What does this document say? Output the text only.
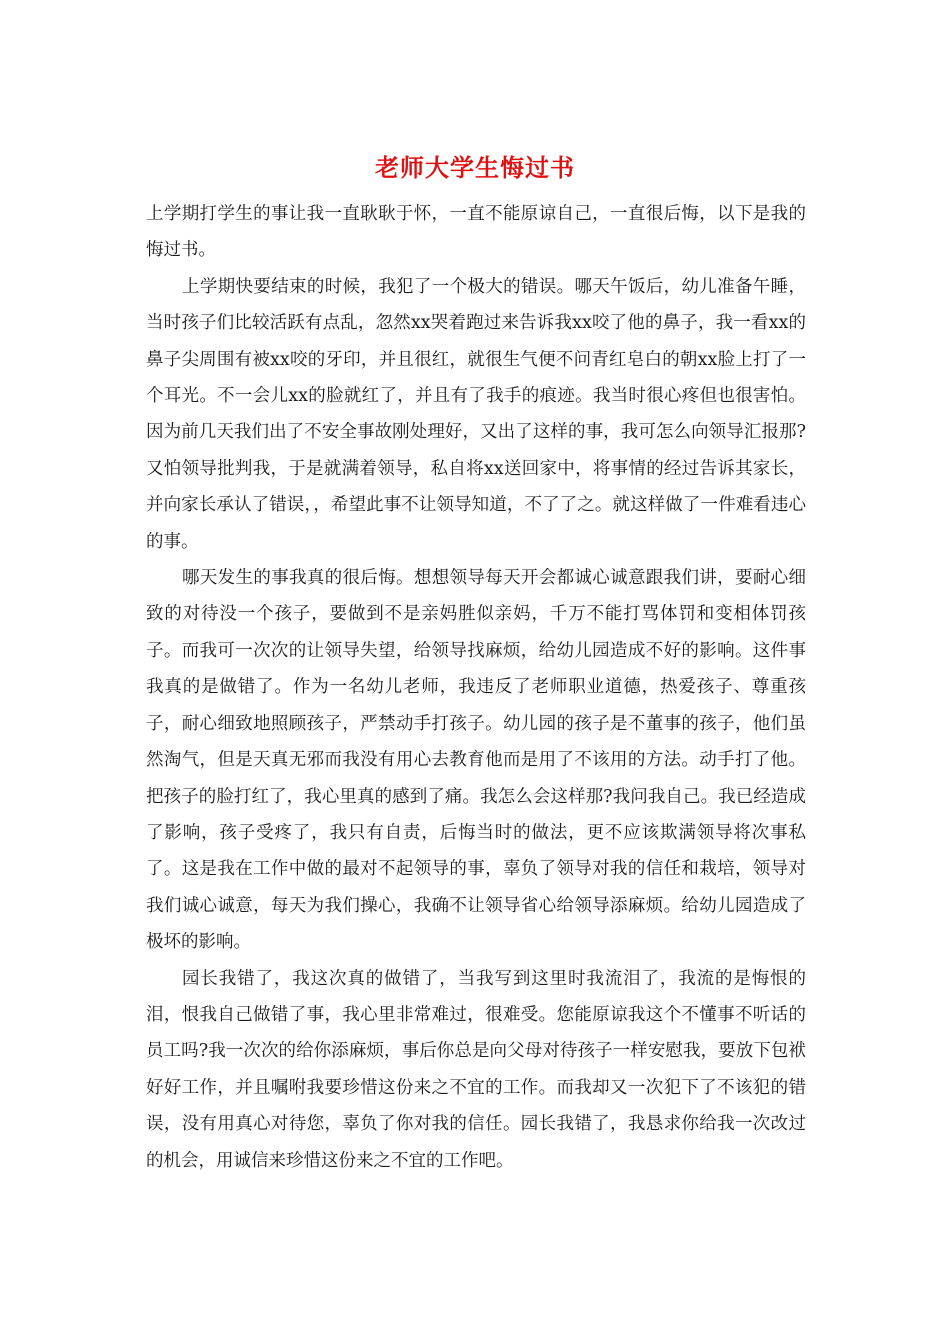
老师大学生悔过书

上学期打学生的事让我一直耿耿于怀，一直不能原谅自己，一直很后悔，以下是我的悔过书。

上学期快要结束的时候，我犯了一个极大的错误。哪天午饭后，幼儿准备午睡，当时孩子们比较活跃有点乱，忽然xx哭着跑过来告诉我xx咬了他的鼻子，我一看xx的鼻子尖周围有被xx咬的牙印，并且很红，就很生气便不问青红皂白的朝xx脸上打了一个耳光。不一会儿xx的脸就红了，并且有了我手的痕迹。我当时很心疼但也很害怕。因为前几天我们出了不安全事故刚处理好，又出了这样的事，我可怎么向领导汇报那?又怕领导批判我，于是就满着领导，私自将xx送回家中，将事情的经过告诉其家长，并向家长承认了错误，，希望此事不让领导知道，不了了之。就这样做了一件难看违心的事。

哪天发生的事我真的很后悔。想想领导每天开会都诚心诚意跟我们讲，要耐心细致的对待没一个孩子，要做到不是亲妈胜似亲妈，千万不能打骂体罚和变相体罚孩子。而我可一次次的让领导失望，给领导找麻烦，给幼儿园造成不好的影响。这件事我真的是做错了。作为一名幼儿老师，我违反了老师职业道德，热爱孩子、尊重孩子，耐心细致地照顾孩子，严禁动手打孩子。幼儿园的孩子是不董事的孩子，他们虽然淘气，但是天真无邪而我没有用心去教育他而是用了不该用的方法。动手打了他。把孩子的脸打红了，我心里真的感到了痛。我怎么会这样那?我问我自己。我已经造成了影响，孩子受疼了，我只有自责，后悔当时的做法，更不应该欺满领导将次事私了。这是我在工作中做的最对不起领导的事，辜负了领导对我的信任和栽培，领导对我们诚心诚意，每天为我们操心，我确不让领导省心给领导添麻烦。给幼儿园造成了极坏的影响。

园长我错了，我这次真的做错了，当我写到这里时我流泪了，我流的是悔恨的泪，恨我自己做错了事，我心里非常难过，很难受。您能原谅我这个不懂事不听话的员工吗?我一次次的给你添麻烦，事后你总是向父母对待孩子一样安慰我，要放下包袱好好工作，并且嘱咐我要珍惜这份来之不宜的工作。而我却又一次犯下了不该犯的错误，没有用真心对待您，辜负了你对我的信任。园长我错了，我恳求你给我一次改过的机会，用诚信来珍惜这份来之不宜的工作吧。
